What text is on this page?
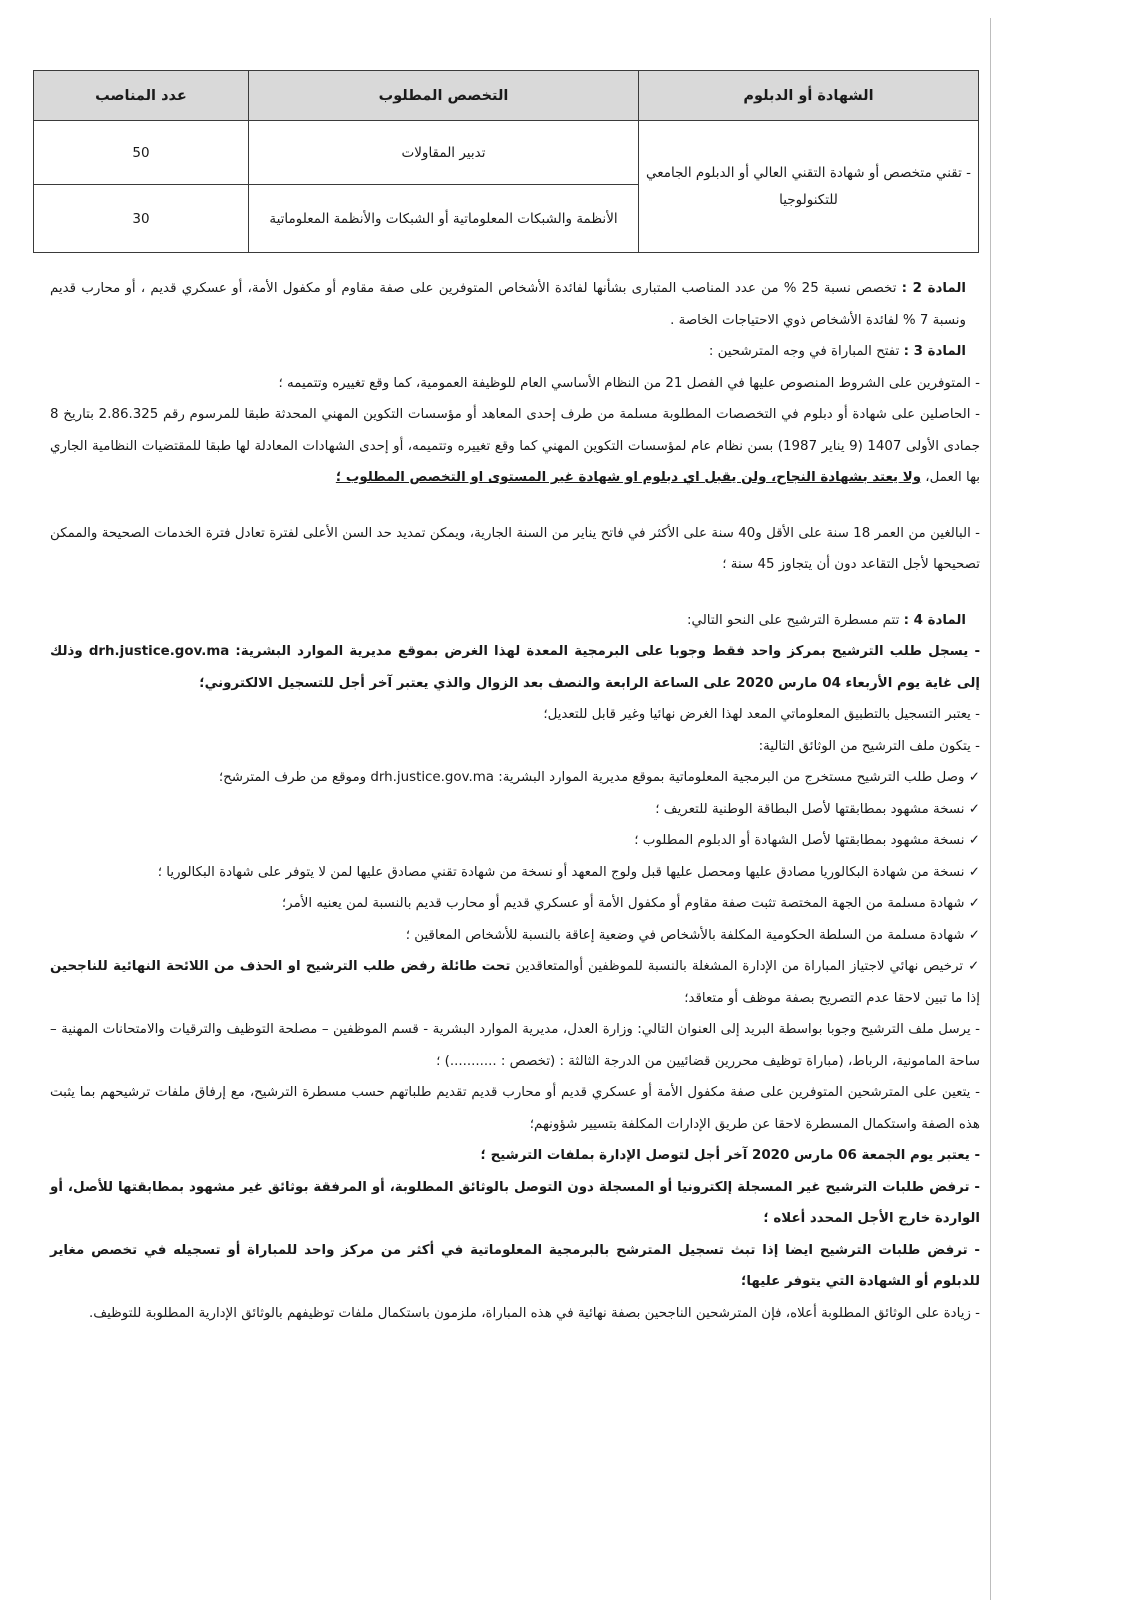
الشهادة أو الدبلوم	التخصص المطلوب	عدد المناصب
- تقني متخصص أو شهادة التقني العالي أو الدبلوم الجامعي للتكنولوجيا	تدبير المقاولات	50
	الأنظمة والشبكات المعلوماتية أو الشبكات والأنظمة المعلوماتية	30

المادة 2 : تخصص نسبة 25 % من عدد المناصب المتبارى بشأنها لفائدة الأشخاص المتوفرين على صفة مقاوم أو مكفول الأمة، أو عسكري قديم ، أو محارب قديم ونسبة 7 % لفائدة الأشخاص ذوي الاحتياجات الخاصة .

المادة 3 : تفتح المباراة في وجه المترشحين :

- المتوفرين على الشروط المنصوص عليها في الفصل 21 من النظام الأساسي العام للوظيفة العمومية، كما وقع تغييره وتتميمه ؛

- الحاصلين على شهادة أو دبلوم في التخصصات المطلوبة مسلمة من طرف إحدى المعاهد أو مؤسسات التكوين المهني المحدثة طبقا للمرسوم رقم 2.86.325 بتاريخ 8 جمادى الأولى 1407 (9 يناير 1987) بسن نظام عام لمؤسسات التكوين المهني كما وقع تغييره وتتميمه، أو إحدى الشهادات المعادلة لها طبقا للمقتضيات النظامية الجاري بها العمل، ولا يعتد بشهادة النجاح، ولن يقبل اي دبلوم او شهادة غير المستوى او التخصص المطلوب ؛

- البالغين من العمر 18 سنة على الأقل و40 سنة على الأكثر في فاتح يناير من السنة الجارية، ويمكن تمديد حد السن الأعلى لفترة تعادل فترة الخدمات الصحيحة والممكن تصحيحها لأجل التقاعد دون أن يتجاوز 45 سنة ؛

المادة 4 : تتم مسطرة الترشيح على النحو التالي:

- يسجل طلب الترشيح بمركز واحد فقط وجوبا على البرمجية المعدة لهذا الغرض بموقع مديرية الموارد البشرية: drh.justice.gov.ma وذلك إلى غاية يوم الأربعاء 04 مارس 2020 على الساعة الرابعة والنصف بعد الزوال والذي يعتبر آخر أجل للتسجيل الالكتروني؛

- يعتبر التسجيل بالتطبيق المعلوماتي المعد لهذا الغرض نهائيا وغير قابل للتعديل؛

- يتكون ملف الترشيح من الوثائق التالية:

✓ وصل طلب الترشيح مستخرج من البرمجية المعلوماتية بموقع مديرية الموارد البشرية: drh.justice.gov.ma وموقع من طرف المترشح؛

✓ نسخة مشهود بمطابقتها لأصل البطاقة الوطنية للتعريف ؛

✓ نسخة مشهود بمطابقتها لأصل الشهادة أو الدبلوم المطلوب ؛

✓ نسخة من شهادة البكالوريا مصادق عليها ومحصل عليها قبل ولوج المعهد أو نسخة من شهادة تقني مصادق عليها لمن لا يتوفر على شهادة البكالوريا ؛

✓ شهادة مسلمة من الجهة المختصة تثبت صفة مقاوم أو مكفول الأمة أو عسكري قديم أو محارب قديم بالنسبة لمن يعنيه الأمر؛

✓ شهادة مسلمة من السلطة الحكومية المكلفة بالأشخاص في وضعية إعاقة بالنسبة للأشخاص المعاقين ؛

✓ ترخيص نهائي لاجتياز المباراة من الإدارة المشغلة بالنسبة للموظفين أوالمتعاقدين تحت طائلة رفض طلب الترشيح او الحذف من اللائحة النهائية للناجحين إذا ما تبين لاحقا عدم التصريح بصفة موظف أو متعاقد؛

- يرسل ملف الترشيح وجوبا بواسطة البريد إلى العنوان التالي: وزارة العدل، مديرية الموارد البشرية - قسم الموظفين – مصلحة التوظيف والترقيات والامتحانات المهنية – ساحة المامونية، الرباط، (مباراة توظيف محررين قضائيين من الدرجة الثالثة : (تخصص : ...........) ؛

- يتعين على المترشحين المتوفرين على صفة مكفول الأمة أو عسكري قديم أو محارب قديم تقديم طلباتهم حسب مسطرة الترشيح، مع إرفاق ملفات ترشيحهم بما يثبت هذه الصفة واستكمال المسطرة لاحقا عن طريق الإدارات المكلفة بتسيير شؤونهم؛

- يعتبر يوم الجمعة 06 مارس 2020 آخر أجل لتوصل الإدارة بملفات الترشيح ؛

- ترفض طلبات الترشيح غير المسجلة إلكترونيا أو المسجلة دون التوصل بالوثائق المطلوبة، أو المرفقة بوثائق غير مشهود بمطابقتها للأصل، أو الواردة خارج الأجل المحدد أعلاه ؛

- ترفض طلبات الترشيح ايضا إذا تبث تسجيل المترشح بالبرمجية المعلوماتية في أكثر من مركز واحد للمباراة أو تسجيله في تخصص مغاير للدبلوم أو الشهادة التي يتوفر عليها؛

- زيادة على الوثائق المطلوبة أعلاه، فإن المترشحين الناجحين بصفة نهائية في هذه المباراة، ملزمون باستكمال ملفات توظيفهم بالوثائق الإدارية المطلوبة للتوظيف.
